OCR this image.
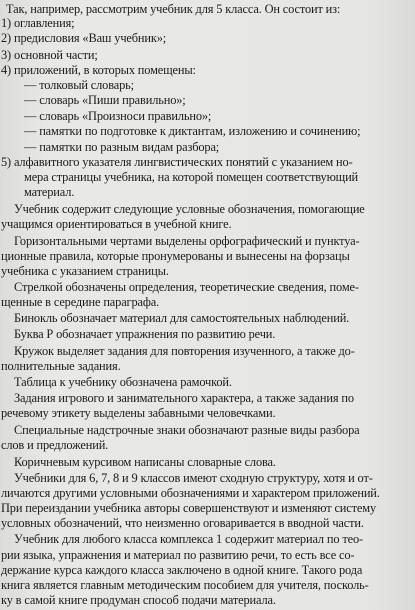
Так, например, рассмотрим учебник для 5 класса. Он состоит из:
1) оглавления;
2) предисловия «Ваш учебник»;
3) основной части;
4) приложений, в которых помещены:
— толковый словарь;
— словарь «Пиши правильно»;
— словарь «Произноси правильно»;
— памятки по подготовке к диктантам, изложению и сочинению;
— памятки по разным видам разбора;
5) алфавитного указателя лингвистических понятий с указанием но-
мера страницы учебника, на которой помещен соответствующий
материал.
Учебник содержит следующие условные обозначения, помогающие
учащимся ориентироваться в учебной книге.
Горизонтальными чертами выделены орфографический и пунктуа-
ционные правила, которые пронумерованы и вынесены на форзацы
учебника с указанием страницы.
Стрелкой обозначены определения, теоретические сведения, поме-
щенные в середине параграфа.
Бинокль обозначает материал для самостоятельных наблюдений.
Буква Р обозначает упражнения по развитию речи.
Кружок выделяет задания для повторения изученного, а также до-
полнительные задания.
Таблица к учебнику обозначена рамочкой.
Задания игрового и занимательного характера, а также задания по
речевому этикету выделены забавными человечками.
Специальные надстрочные знаки обозначают разные виды разбора
слов и предложений.
Коричневым курсивом написаны словарные слова.
Учебники для 6, 7, 8 и 9 классов имеют сходную структуру, хотя и от-
личаются другими условными обозначениями и характером приложений.
При переиздании учебника авторы совершенствуют и изменяют систему
условных обозначений, что неизменно оговаривается в вводной части.
Учебник для любого класса комплекса 1 содержит материал по тео-
рии языка, упражнения и материал по развитию речи, то есть все со-
держание курса каждого класса заключено в одной книге. Такого рода
книга является главным методическим пособием для учителя, посколь-
ку в самой книге продуман способ подачи материала.
